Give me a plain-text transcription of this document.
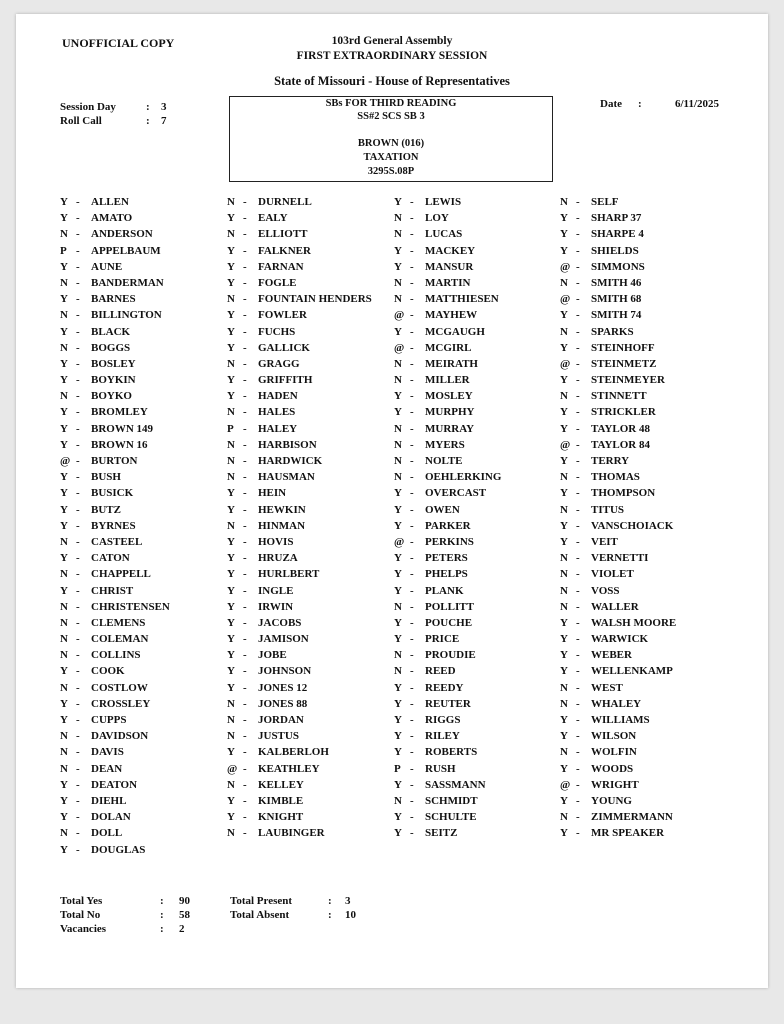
UNOFFICIAL COPY	103rd General Assembly
FIRST EXTRAORDINARY SESSION
State of Missouri - House of Representatives
Session Day	: 3
Roll Call	: 7
Date :	6/11/2025
SBs FOR THIRD READING
SS#2 SCS SB 3
BROWN (016)
TAXATION
3295S.08P
Y - ALLEN
Y - AMATO
N - ANDERSON
P - APPELBAUM
Y - AUNE
N - BANDERMAN
Y - BARNES
N - BILLINGTON
Y - BLACK
N - BOGGS
Y - BOSLEY
Y - BOYKIN
N - BOYKO
Y - BROMLEY
Y - BROWN 149
Y - BROWN 16
@ - BURTON
Y - BUSH
Y - BUSICK
Y - BUTZ
Y - BYRNES
N - CASTEEL
Y - CATON
N - CHAPPELL
Y - CHRIST
N - CHRISTENSEN
N - CLEMENS
N - COLEMAN
N - COLLINS
Y - COOK
N - COSTLOW
Y - CROSSLEY
Y - CUPPS
N - DAVIDSON
N - DAVIS
N - DEAN
Y - DEATON
Y - DIEHL
Y - DOLAN
N - DOLL
Y - DOUGLAS
N - DURNELL
Y - EALY
N - ELLIOTT
Y - FALKNER
Y - FARNAN
Y - FOGLE
N - FOUNTAIN HENDERS
Y - FOWLER
Y - FUCHS
Y - GALLICK
N - GRAGG
Y - GRIFFITH
Y - HADEN
N - HALES
P - HALEY
N - HARBISON
N - HARDWICK
N - HAUSMAN
Y - HEIN
Y - HEWKIN
N - HINMAN
Y - HOVIS
Y - HRUZA
Y - HURLBERT
Y - INGLE
Y - IRWIN
Y - JACOBS
Y - JAMISON
Y - JOBE
Y - JOHNSON
Y - JONES 12
N - JONES 88
N - JORDAN
N - JUSTUS
Y - KALBERLOH
@ - KEATHLEY
N - KELLEY
Y - KIMBLE
Y - KNIGHT
N - LAUBINGER
Y - LEWIS
N - LOY
N - LUCAS
Y - MACKEY
Y - MANSUR
N - MARTIN
N - MATTHIESEN
@ - MAYHEW
Y - MCGAUGH
@ - MCGIRL
N - MEIRATH
N - MILLER
Y - MOSLEY
Y - MURPHY
N - MURRAY
N - MYERS
N - NOLTE
N - OEHLERKING
Y - OVERCAST
Y - OWEN
Y - PARKER
@ - PERKINS
Y - PETERS
Y - PHELPS
Y - PLANK
N - POLLITT
Y - POUCHE
Y - PRICE
N - PROUDIE
N - REED
Y - REEDY
Y - REUTER
Y - RIGGS
Y - RILEY
Y - ROBERTS
P - RUSH
Y - SASSMANN
N - SCHMIDT
Y - SCHULTE
Y - SEITZ
N - SELF
Y - SHARP 37
Y - SHARPE 4
Y - SHIELDS
@ - SIMMONS
N - SMITH 46
@ - SMITH 68
Y - SMITH 74
N - SPARKS
Y - STEINHOFF
@ - STEINMETZ
Y - STEINMEYER
N - STINNETT
Y - STRICKLER
Y - TAYLOR 48
@ - TAYLOR 84
Y - TERRY
N - THOMAS
Y - THOMPSON
N - TITUS
Y - VANSCHOIACK
Y - VEIT
N - VERNETTI
N - VIOLET
N - VOSS
N - WALLER
Y - WALSH MOORE
Y - WARWICK
Y - WEBER
Y - WELLENKAMP
N - WEST
N - WHALEY
Y - WILLIAMS
Y - WILSON
N - WOLFIN
Y - WOODS
@ - WRIGHT
Y - YOUNG
N - ZIMMERMANN
Y - MR SPEAKER
Total Yes	: 90
Total No	: 58
Vacancies	: 2
Total Present	: 3
Total Absent	: 10
